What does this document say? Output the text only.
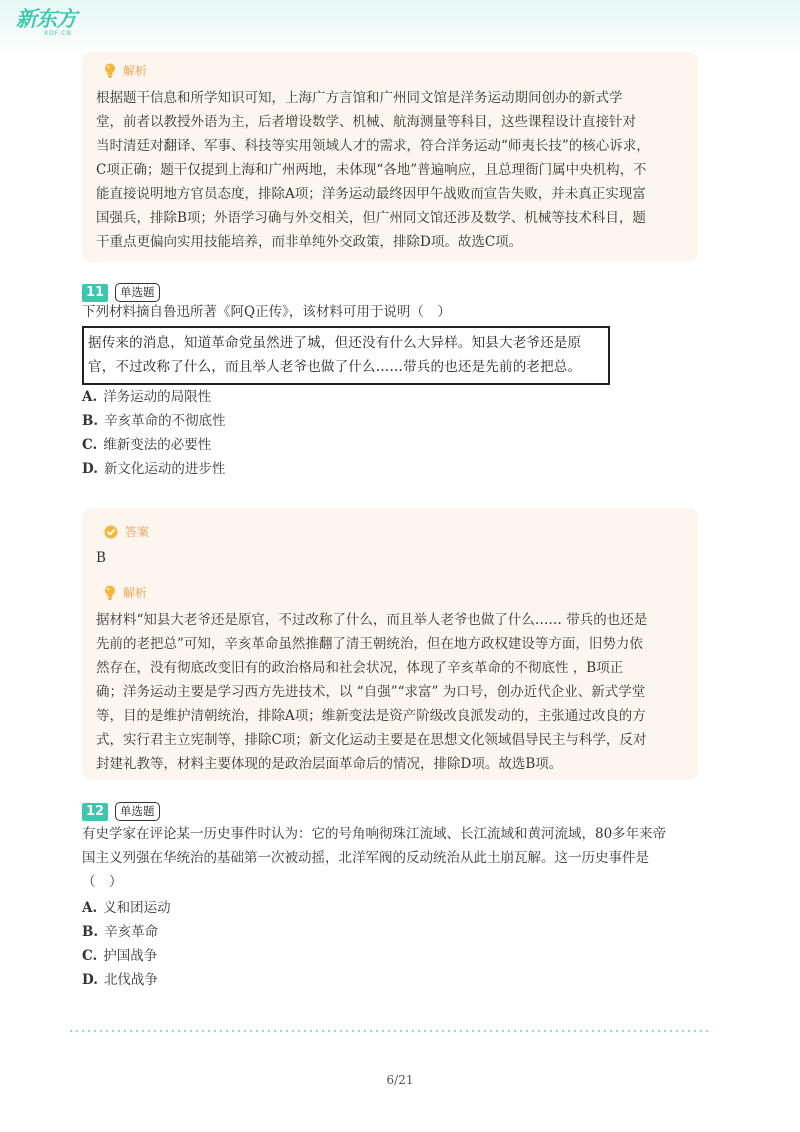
新东方
XDF.CN
解析
根据题干信息和所学知识可知，上海广方言馆和广州同文馆是洋务运动期间创办的新式学
堂，前者以教授外语为主，后者增设数学、机械、航海测量等科目，这些课程设计直接针对
当时清廷对翻译、军事、科技等实用领域人才的需求，符合洋务运动“师夷长技”的核心诉求，
C项正确；题干仅提到上海和广州两地，未体现“各地”普遍响应，且总理衙门属中央机构，不
能直接说明地方官员态度，排除A项；洋务运动最终因甲午战败而宣告失败，并未真正实现富
国强兵，排除B项；外语学习确与外交相关，但广州同文馆还涉及数学、机械等技术科目，题
干重点更偏向实用技能培养，而非单纯外交政策，排除D项。故选C项。
11	单选题
下列材料摘自鲁迅所著《阿Q正传》，该材料可用于说明（　）
据传来的消息，知道革命党虽然进了城，但还没有什么大异样。知县大老爷还是原
官，不过改称了什么，而且举人老爷也做了什么……带兵的也还是先前的老把总。
A. 洋务运动的局限性
B. 辛亥革命的不彻底性
C. 维新变法的必要性
D. 新文化运动的进步性
答案
B
解析
据材料“知县大老爷还是原官，不过改称了什么，而且举人老爷也做了什么…… 带兵的也还是
先前的老把总”可知，辛亥革命虽然推翻了清王朝统治，但在地方政权建设等方面，旧势力依
然存在，没有彻底改变旧有的政治格局和社会状况，体现了辛亥革命的不彻底性 ，B项正
确；洋务运动主要是学习西方先进技术，以 “自强”“求富” 为口号，创办近代企业、新式学堂
等，目的是维护清朝统治，排除A项；维新变法是资产阶级改良派发动的，主张通过改良的方
式，实行君主立宪制等，排除C项；新文化运动主要是在思想文化领域倡导民主与科学，反对
封建礼教等，材料主要体现的是政治层面革命后的情况，排除D项。故选B项。
12	单选题
有史学家在评论某一历史事件时认为：它的号角响彻珠江流域、长江流域和黄河流域，80多年来帝
国主义列强在华统治的基础第一次被动摇，北洋军阀的反动统治从此土崩瓦解。这一历史事件是
（　）
A. 义和团运动
B. 辛亥革命
C. 护国战争
D. 北伐战争
6/21
